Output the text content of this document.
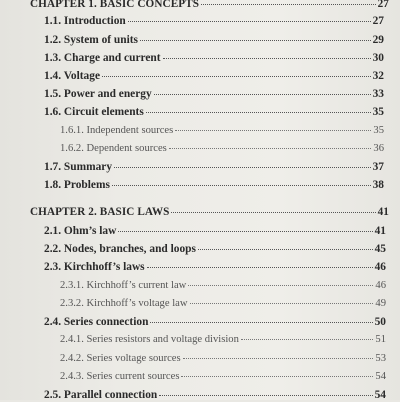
CHAPTER 1. BASIC CONCEPTS	27
1.1. Introduction	27
1.2. System of units	29
1.3. Charge and current	30
1.4. Voltage	32
1.5. Power and energy	33
1.6. Circuit elements	35
1.6.1. Independent sources	35
1.6.2. Dependent sources	36
1.7. Summary	37
1.8. Problems	38
CHAPTER 2. BASIC LAWS	41
2.1. Ohm’s law	41
2.2. Nodes, branches, and loops	45
2.3. Kirchhoff’s laws	46
2.3.1. Kirchhoff’s current law	46
2.3.2. Kirchhoff’s voltage law	49
2.4. Series connection	50
2.4.1. Series resistors and voltage division	51
2.4.2. Series voltage sources	53
2.4.3. Series current sources	54
2.5. Parallel connection	54
